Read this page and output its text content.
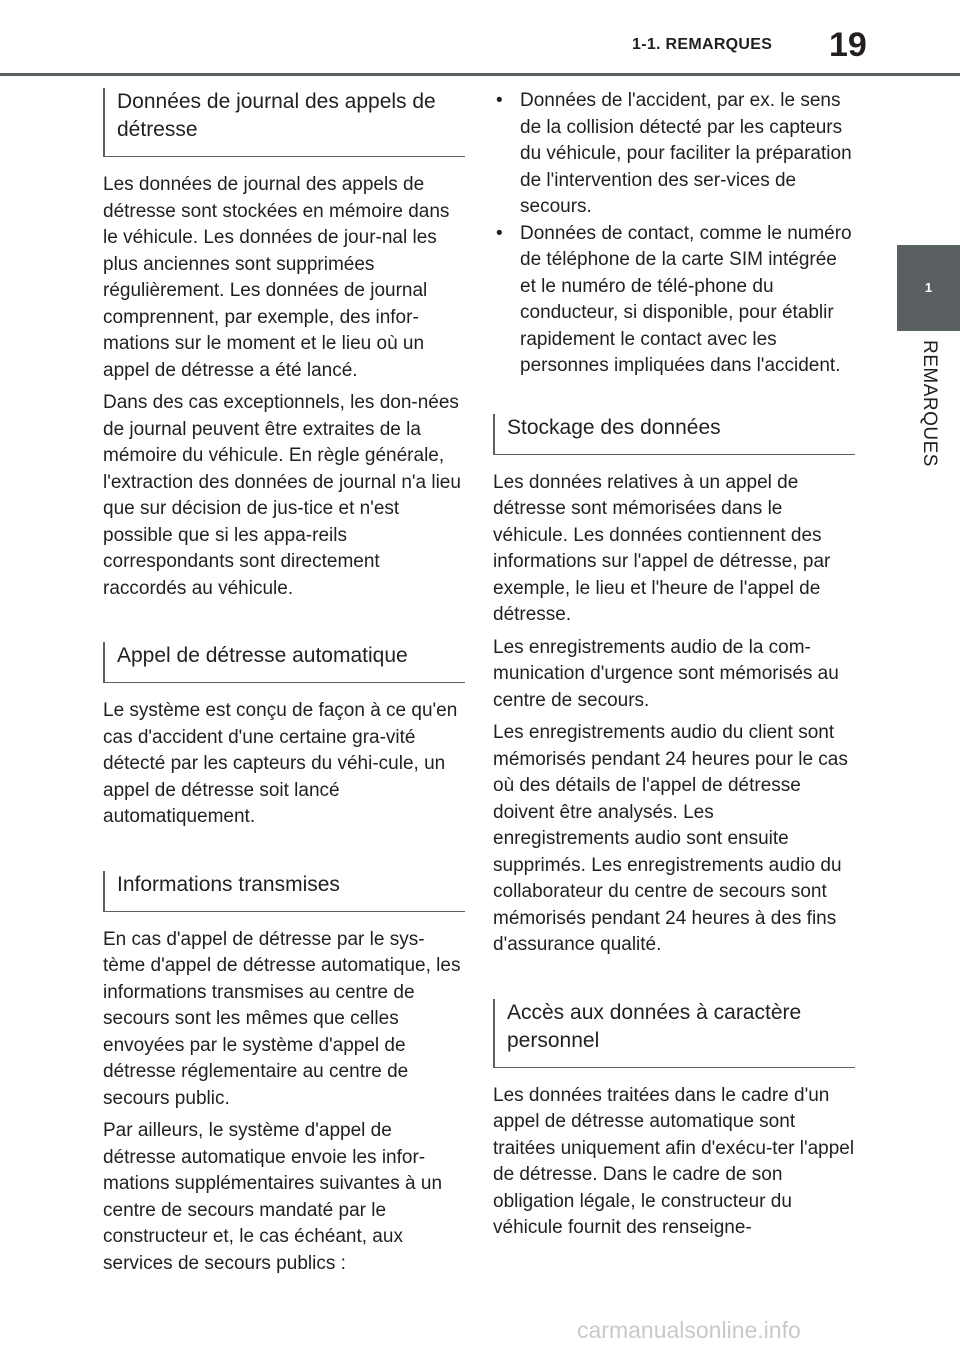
1-1. REMARQUES 19
1
REMARQUES
Données de journal des appels de détresse

Les données de journal des appels de détresse sont stockées en mémoire dans le véhicule. Les données de jour-nal les plus anciennes sont supprimées régulièrement. Les données de journal comprennent, par exemple, des infor-mations sur le moment et le lieu où un appel de détresse a été lancé.

Dans des cas exceptionnels, les don-nées de journal peuvent être extraites de la mémoire du véhicule. En règle générale, l'extraction des données de journal n'a lieu que sur décision de jus-tice et n'est possible que si les appa-reils correspondants sont directement raccordés au véhicule.

Appel de détresse automatique

Le système est conçu de façon à ce qu'en cas d'accident d'une certaine gra-vité détecté par les capteurs du véhi-cule, un appel de détresse soit lancé automatiquement.

Informations transmises

En cas d'appel de détresse par le sys-tème d'appel de détresse automatique, les informations transmises au centre de secours sont les mêmes que celles envoyées par le système d'appel de détresse réglementaire au centre de secours public.

Par ailleurs, le système d'appel de détresse automatique envoie les infor-mations supplémentaires suivantes à un centre de secours mandaté par le constructeur et, le cas échéant, aux services de secours publics :

• Données de l'accident, par ex. le sens de la collision détecté par les capteurs du véhicule, pour faciliter la préparation de l'intervention des ser-vices de secours.

• Données de contact, comme le numéro de téléphone de la carte SIM intégrée et le numéro de télé-phone du conducteur, si disponible, pour établir rapidement le contact avec les personnes impliquées dans l'accident.

Stockage des données

Les données relatives à un appel de détresse sont mémorisées dans le véhicule. Les données contiennent des informations sur l'appel de détresse, par exemple, le lieu et l'heure de l'appel de détresse.

Les enregistrements audio de la com-munication d'urgence sont mémorisés au centre de secours.

Les enregistrements audio du client sont mémorisés pendant 24 heures pour le cas où des détails de l'appel de détresse doivent être analysés. Les enregistrements audio sont ensuite supprimés. Les enregistrements audio du collaborateur du centre de secours sont mémorisés pendant 24 heures à des fins d'assurance qualité.

Accès aux données à caractère personnel

Les données traitées dans le cadre d'un appel de détresse automatique sont traitées uniquement afin d'exécu-ter l'appel de détresse. Dans le cadre de son obligation légale, le constructeur du véhicule fournit des renseigne-

carmanualsonline.info
